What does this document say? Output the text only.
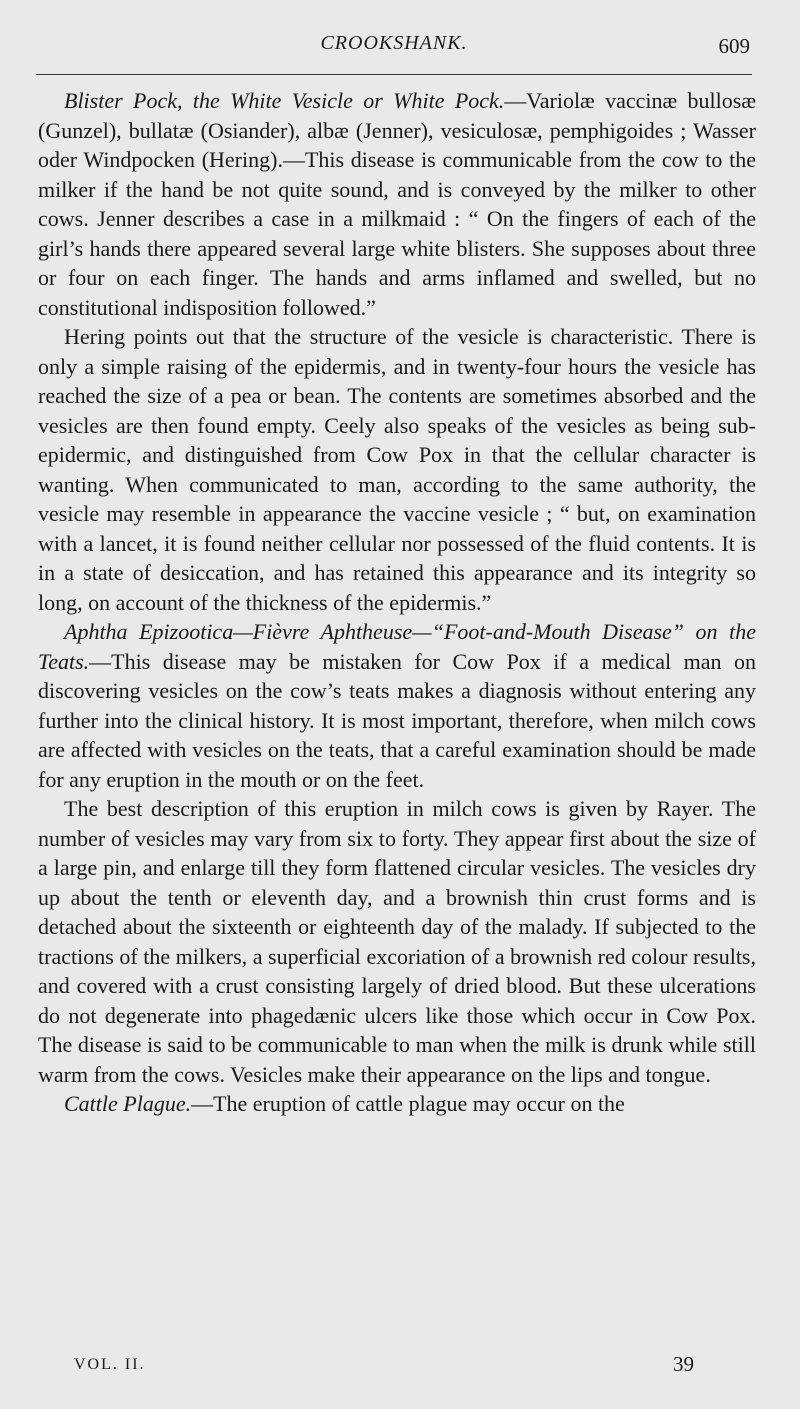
CROOKSHANK.	609

Blister Pock, the White Vesicle or White Pock.—Variolæ vaccinæ bullosæ (Gunzel), bullatæ (Osiander), albæ (Jenner), vesiculosæ, pemphigoides ; Wasser oder Windpocken (Hering).—This disease is communicable from the cow to the milker if the hand be not quite sound, and is conveyed by the milker to other cows. Jenner describes a case in a milkmaid : “ On the fingers of each of the girl’s hands there appeared several large white blisters. She supposes about three or four on each finger. The hands and arms inflamed and swelled, but no constitutional indisposition followed.”

Hering points out that the structure of the vesicle is characteristic. There is only a simple raising of the epidermis, and in twenty-four hours the vesicle has reached the size of a pea or bean. The contents are sometimes absorbed and the vesicles are then found empty. Ceely also speaks of the vesicles as being subepidermic, and distinguished from Cow Pox in that the cellular character is wanting. When communicated to man, according to the same authority, the vesicle may resemble in appearance the vaccine vesicle ; “ but, on examination with a lancet, it is found neither cellular nor possessed of the fluid contents. It is in a state of desiccation, and has retained this appearance and its integrity so long, on account of the thickness of the epidermis.”

Aphtha Epizootica—Fièvre Aphtheuse—“Foot-and-Mouth Disease” on the Teats.—This disease may be mistaken for Cow Pox if a medical man on discovering vesicles on the cow’s teats makes a diagnosis without entering any further into the clinical history. It is most important, therefore, when milch cows are affected with vesicles on the teats, that a careful examination should be made for any eruption in the mouth or on the feet.

The best description of this eruption in milch cows is given by Rayer. The number of vesicles may vary from six to forty. They appear first about the size of a large pin, and enlarge till they form flattened circular vesicles. The vesicles dry up about the tenth or eleventh day, and a brownish thin crust forms and is detached about the sixteenth or eighteenth day of the malady. If subjected to the tractions of the milkers, a superficial excoriation of a brownish red colour results, and covered with a crust consisting largely of dried blood. But these ulcerations do not degenerate into phagedænic ulcers like those which occur in Cow Pox. The disease is said to be communicable to man when the milk is drunk while still warm from the cows. Vesicles make their appearance on the lips and tongue.

Cattle Plague.—The eruption of cattle plague may occur on the

VOL. II.	39
